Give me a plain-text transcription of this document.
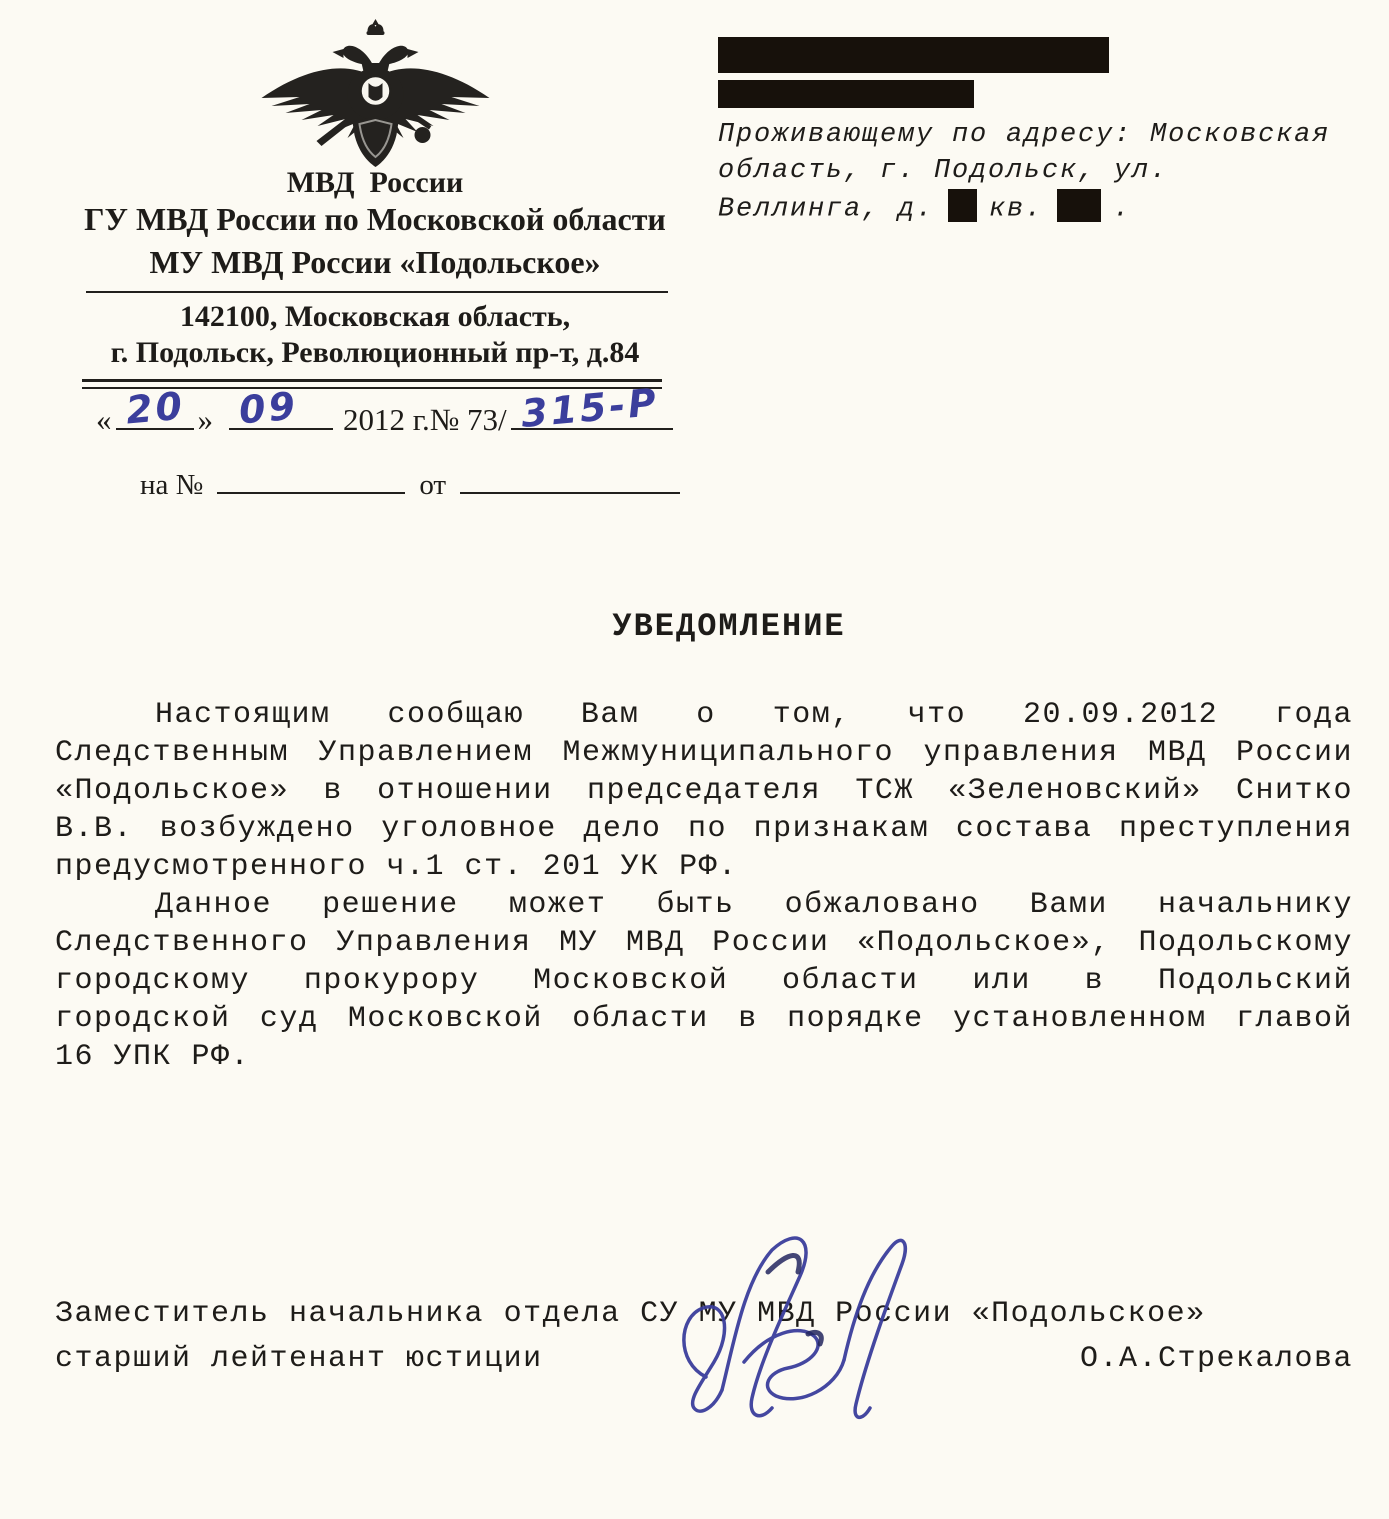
МВД  России
ГУ МВД России по Московской области
МУ МВД России «Подольское»
142100, Московская область,
г. Подольск, Революционный пр-т, д.84
« 20 » 09 2012 г.№ 73/ 315-Р
на №	от
Проживающему по адресу: Московская
область, г. Подольск, ул.
Веллинга, д. кв.	.
УВЕДОМЛЕНИЕ
Настоящим сообщаю Вам о том, что 20.09.2012 года
Следственным Управлением Межмуниципального управления МВД России
«Подольское» в отношении председателя ТСЖ «Зеленовский» Снитко
В.В. возбуждено уголовное дело по признакам состава преступления
предусмотренного ч.1 ст. 201 УК РФ.
Данное решение может быть обжаловано Вами начальнику
Следственного Управления МУ МВД России «Подольское», Подольскому
городскому прокурору Московской области или в Подольский
городской суд Московской области в порядке установленном главой
16 УПК РФ.
Заместитель начальника отдела СУ МУ МВД России «Подольское»
старший лейтенант юстиции	О.А.Стрекалова
